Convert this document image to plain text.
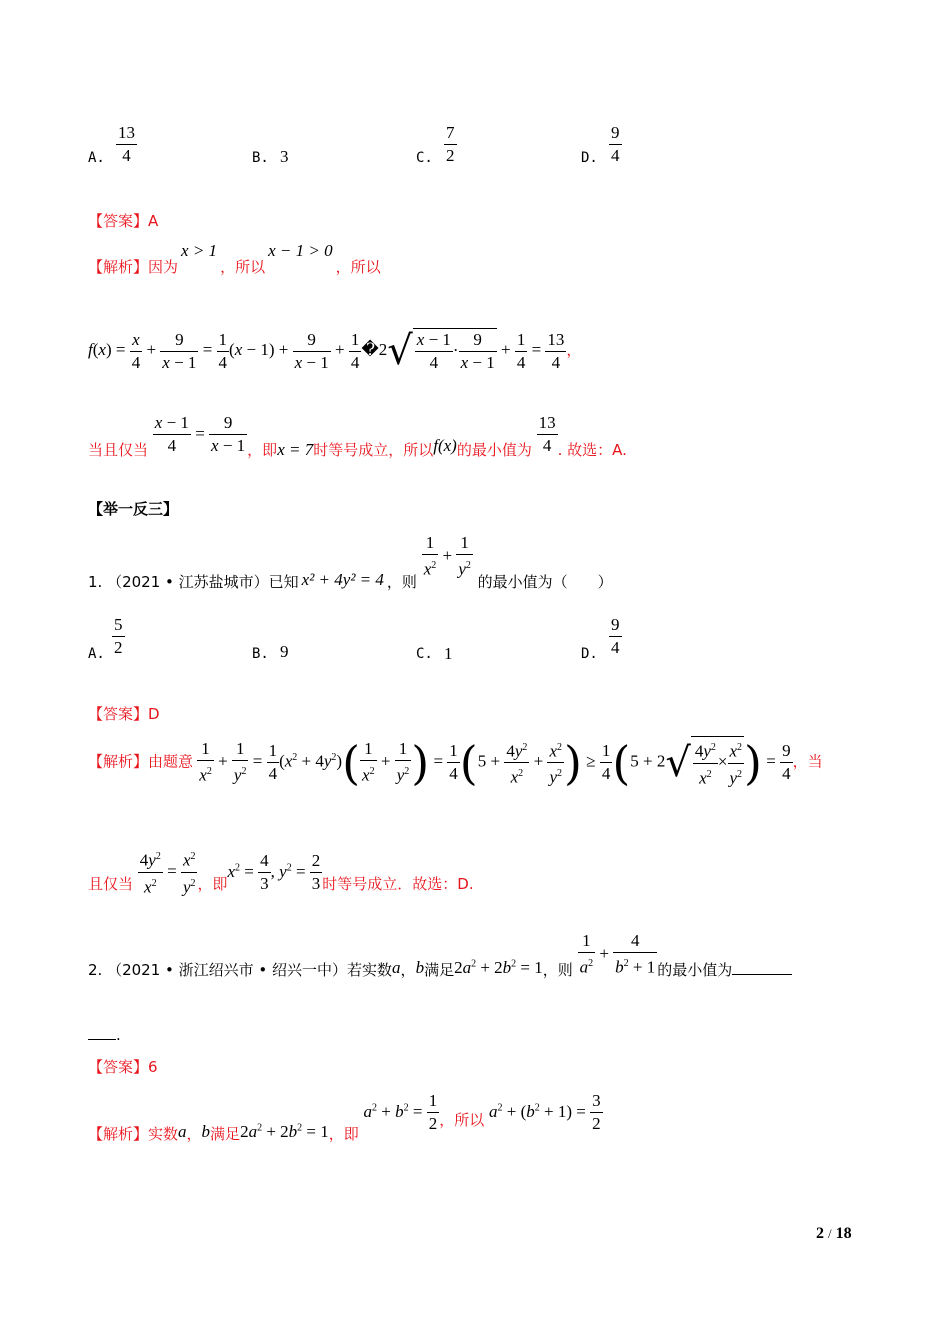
A. $\frac{13}{4}$	B. 3	C. $\frac{7}{2}$	D. $\frac{9}{4}$
【答案】A
【解析】因为x > 1，所以x − 1 > 0，所以
$f(x) = \frac{x}{4} + \frac{9}{x - 1} = \frac{1}{4} (x - 1) + \frac{9}{x - 1} + \frac{1}{4}$ �2√ $\frac{x - 1}{4} \cdot \frac{9}{x - 1} + \frac{1}{4} = \frac{13}{4}$ ，
当且仅当 $\frac{x - 1}{4} = \frac{9}{x - 1}$ ，即x = 7时等号成立，所以f(x)的最小值为 $\frac{13}{4}$ . 故选：A.
【举一反三】
1. （2021 • 江苏盐城市）已知 x² + 4y² = 4 ，则
$\frac{1}{x^2} + \frac{1}{y^2}$
的最小值为（　　）
A. $\frac{5}{2}$	B. 9	C. 1	D. $\frac{9}{4}$
【答案】D
【解析】由题意 $\frac{1}{x^2} + \frac{1}{y^2} = \frac{1}{4} (x^2 + 4y^2)( \frac{1}{x^2} + \frac{1}{y^2}$ ) = $\frac{1}{4} (5 + \frac{4y^2}{x^2} + \frac{x^2}{y^2}$ ) ≥ $\frac{1}{4} (5 + 2√ \frac{4y^2}{x^2} \times \frac{x^2}{y^2}$ ) = $\frac{9}{4}$ ，当
且仅当 $\frac{4y^2}{x^2} = \frac{x^2}{y^2}$ ，即$x^2 = \frac{4}{3}$ , $y^2 = \frac{2}{3}$ 时等号成立．故选：D.
2. （2021 • 浙江绍兴市 • 绍兴一中）若实数a，b满足$2a^2 + 2b^2 = 1$，则 $\frac{1}{a^2} + \frac{4}{b^2 + 1}$ 的最小值为
.
【答案】6
【解析】实数a，b满足$2a^2 + 2b^2 = 1$，即 $a^2 + b^2 = \frac{1}{2}$ ，所以 $a^2 + (b^2 + 1) = \frac{3}{2}$
2 / 18
